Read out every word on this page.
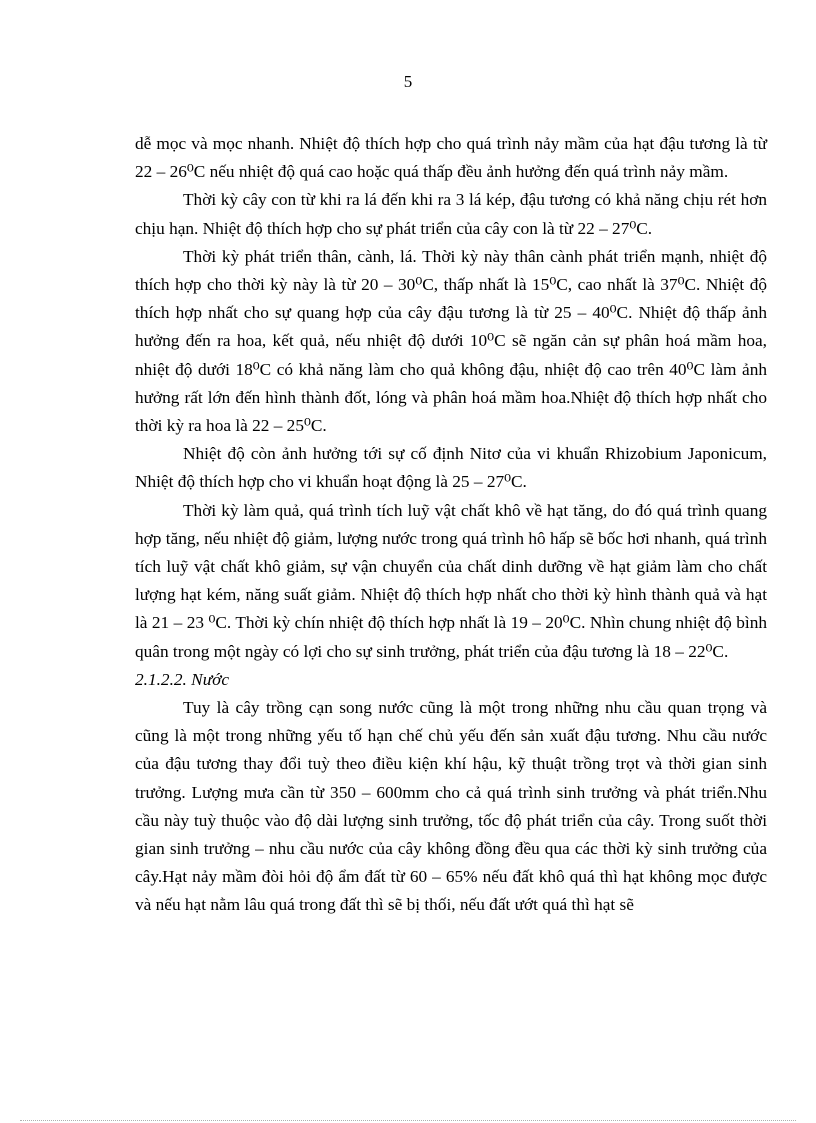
5

dễ mọc và mọc nhanh. Nhiệt độ thích hợp cho quá trình nảy mầm của hạt đậu tương là từ 22 – 26⁰C nếu nhiệt độ quá cao hoặc quá thấp đều ảnh hưởng đến quá trình nảy mầm.

Thời kỳ cây con từ khi ra lá đến khi ra 3 lá kép, đậu tương có khả năng chịu rét hơn chịu hạn. Nhiệt độ thích hợp cho sự phát triển của cây con là từ 22 – 27⁰C.

Thời kỳ phát triển thân, cành, lá. Thời kỳ này thân cành phát triển mạnh, nhiệt độ thích hợp cho thời kỳ này là từ 20 – 30⁰C, thấp nhất là 15⁰C, cao nhất là 37⁰C. Nhiệt độ thích hợp nhất cho sự quang hợp của cây đậu tương là từ 25 – 40⁰C. Nhiệt độ thấp ảnh hưởng đến ra hoa, kết quả, nếu nhiệt độ dưới 10⁰C sẽ ngăn cản sự phân hoá mầm hoa, nhiệt độ dưới 18⁰C có khả năng làm cho quả không đậu, nhiệt độ cao trên 40⁰C làm ảnh hưởng rất lớn đến hình thành đốt, lóng và phân hoá mầm hoa.Nhiệt độ thích hợp nhất cho thời kỳ ra hoa là 22 – 25⁰C.

Nhiệt độ còn ảnh hưởng tới sự cố định Nitơ của vi khuẩn Rhizobium Japonicum, Nhiệt độ thích hợp cho vi khuẩn hoạt động là 25 – 27⁰C.

Thời kỳ làm quả, quá trình tích luỹ vật chất khô về hạt tăng, do đó quá trình quang hợp tăng, nếu nhiệt độ giảm, lượng nước trong quá trình hô hấp sẽ bốc hơi nhanh, quá trình tích luỹ vật chất khô giảm, sự vận chuyển của chất dinh dưỡng về hạt giảm làm cho chất lượng hạt kém, năng suất giảm. Nhiệt độ thích hợp nhất cho thời kỳ hình thành quả và hạt là 21 – 23 ⁰C. Thời kỳ chín nhiệt độ thích hợp nhất là 19 – 20⁰C. Nhìn chung nhiệt độ bình quân trong một ngày có lợi cho sự sinh trưởng, phát triển của đậu tương là 18 – 22⁰C.

2.1.2.2. Nước

Tuy là cây trồng cạn song nước cũng là một trong những nhu cầu quan trọng và cũng là một trong những yếu tố hạn chế chủ yếu đến sản xuất đậu tương. Nhu cầu nước của đậu tương thay đổi tuỳ theo điều kiện khí hậu, kỹ thuật trồng trọt và thời gian sinh trưởng. Lượng mưa cần từ 350 – 600mm cho cả quá trình sinh trưởng và phát triển.Nhu cầu này tuỳ thuộc vào độ dài lượng sinh trưởng, tốc độ phát triển của cây. Trong suốt thời gian sinh trưởng – nhu cầu nước của cây không đồng đều qua các thời kỳ sinh trưởng của cây.Hạt nảy mầm đòi hỏi độ ẩm đất từ 60 – 65% nếu đất khô quá thì hạt không mọc được và nếu hạt nằm lâu quá trong đất thì sẽ bị thối, nếu đất ướt quá thì hạt sẽ
